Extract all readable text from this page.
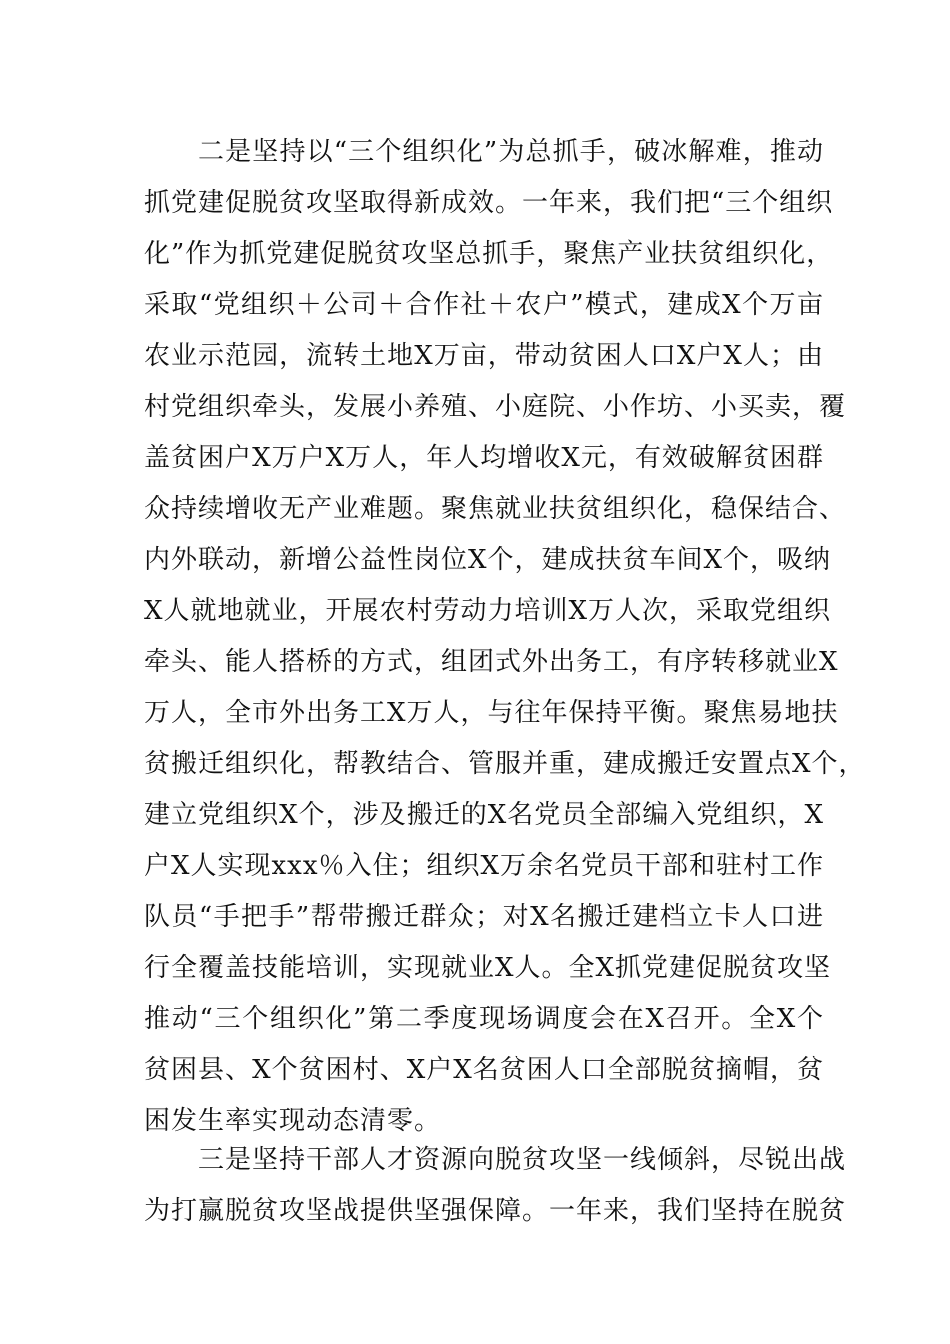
二是坚持以“三个组织化”为总抓手，破冰解难，推动
抓党建促脱贫攻坚取得新成效。一年来，我们把“三个组织
化”作为抓党建促脱贫攻坚总抓手，聚焦产业扶贫组织化，
采取“党组织＋公司＋合作社＋农户”模式，建成X个万亩
农业示范园，流转土地X万亩，带动贫困人口X户X人；由
村党组织牵头，发展小养殖、小庭院、小作坊、小买卖，覆
盖贫困户X万户X万人，年人均增收X元，有效破解贫困群
众持续增收无产业难题。聚焦就业扶贫组织化，稳保结合、
内外联动，新增公益性岗位X个，建成扶贫车间X个，吸纳
X人就地就业，开展农村劳动力培训X万人次，采取党组织
牵头、能人搭桥的方式，组团式外出务工，有序转移就业X
万人，全市外出务工X万人，与往年保持平衡。聚焦易地扶
贫搬迁组织化，帮教结合、管服并重，建成搬迁安置点X个，
建立党组织X个，涉及搬迁的X名党员全部编入党组织，X
户X人实现xxx％入住；组织X万余名党员干部和驻村工作
队员“手把手”帮带搬迁群众；对X名搬迁建档立卡人口进
行全覆盖技能培训，实现就业X人。全X抓党建促脱贫攻坚
推动“三个组织化”第二季度现场调度会在X召开。全X个
贫困县、X个贫困村、X户X名贫困人口全部脱贫摘帽，贫
困发生率实现动态清零。
三是坚持干部人才资源向脱贫攻坚一线倾斜，尽锐出战
为打赢脱贫攻坚战提供坚强保障。一年来，我们坚持在脱贫
